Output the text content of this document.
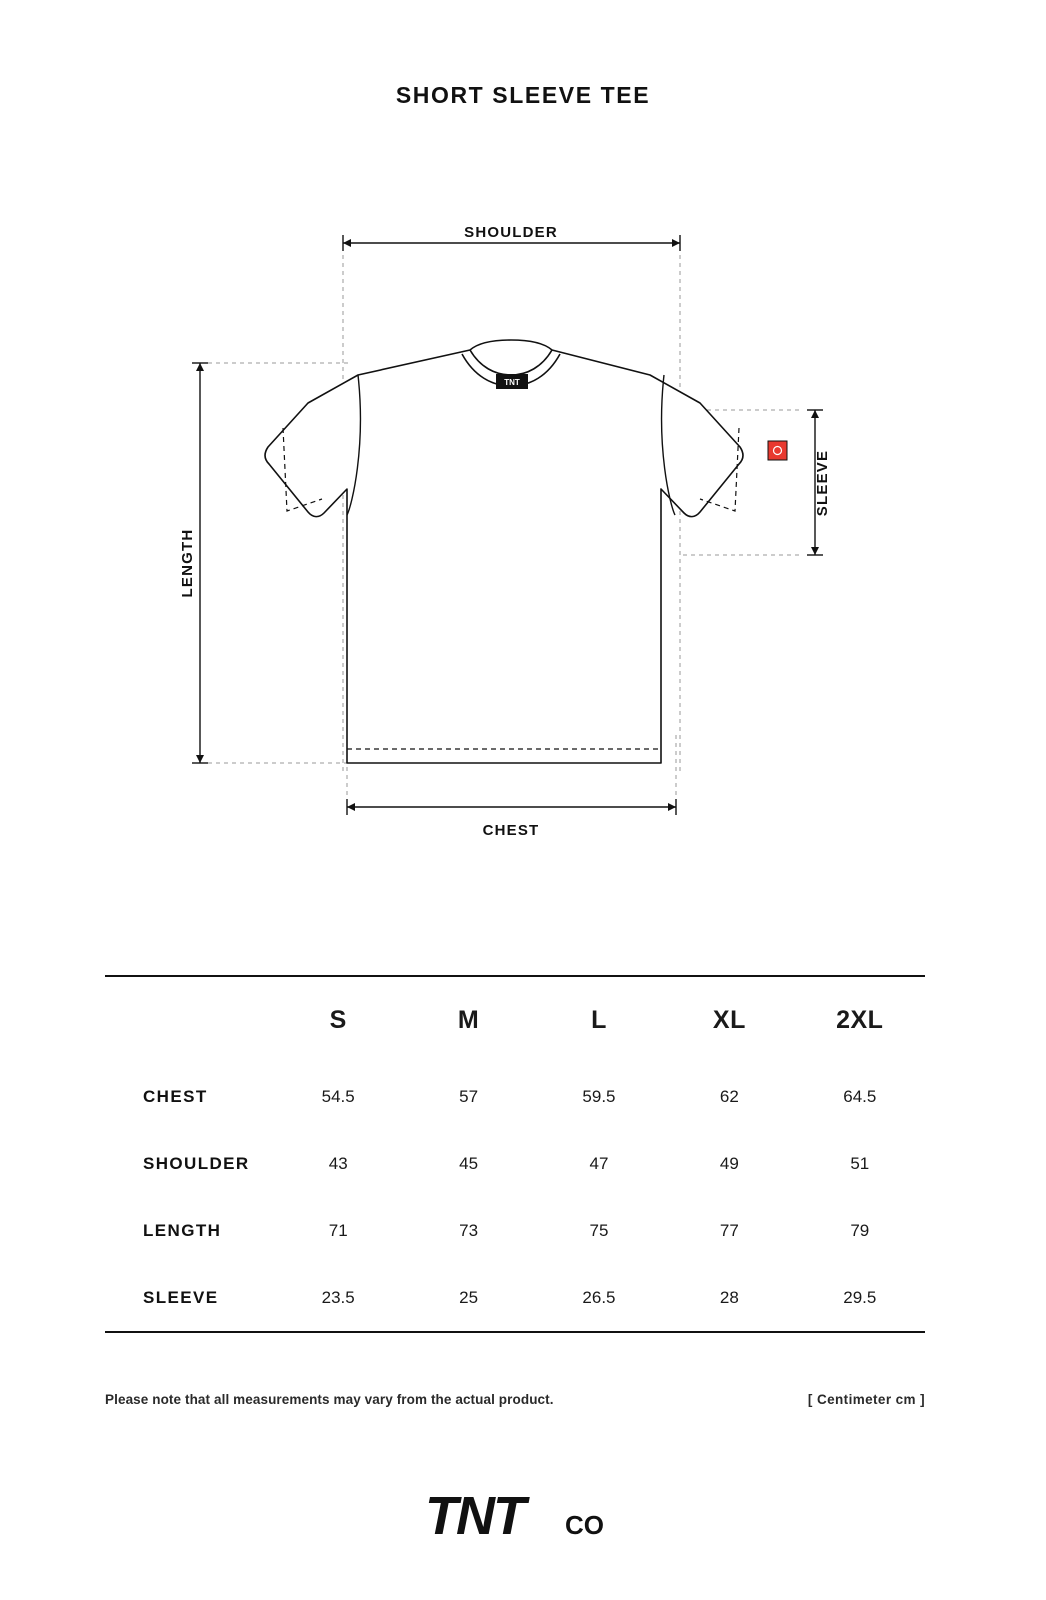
SHORT SLEEVE TEE
SHOULDER
LENGTH
SLEEVE
CHEST
TNT
	S	M	L	XL	2XL
CHEST	54.5	57	59.5	62	64.5
SHOULDER	43	45	47	49	51
LENGTH	71	73	75	77	79
SLEEVE	23.5	25	26.5	28	29.5
Please note that all measurements may vary from the actual product.	[ Centimeter cm ]
TNT CO
